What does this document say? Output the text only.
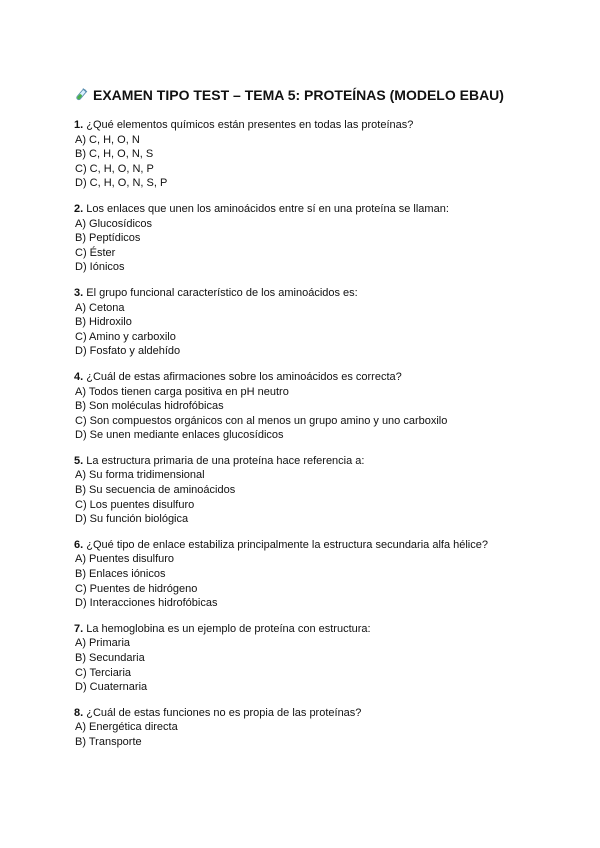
EXAMEN TIPO TEST – TEMA 5: PROTEÍNAS (MODELO EBAU)
1. ¿Qué elementos químicos están presentes en todas las proteínas?
A) C, H, O, N
B) C, H, O, N, S
C) C, H, O, N, P
D) C, H, O, N, S, P
2. Los enlaces que unen los aminoácidos entre sí en una proteína se llaman:
A) Glucosídicos
B) Peptídicos
C) Éster
D) Iónicos
3. El grupo funcional característico de los aminoácidos es:
A) Cetona
B) Hidroxilo
C) Amino y carboxilo
D) Fosfato y aldehído
4. ¿Cuál de estas afirmaciones sobre los aminoácidos es correcta?
A) Todos tienen carga positiva en pH neutro
B) Son moléculas hidrofóbicas
C) Son compuestos orgánicos con al menos un grupo amino y uno carboxilo
D) Se unen mediante enlaces glucosídicos
5. La estructura primaria de una proteína hace referencia a:
A) Su forma tridimensional
B) Su secuencia de aminoácidos
C) Los puentes disulfuro
D) Su función biológica
6. ¿Qué tipo de enlace estabiliza principalmente la estructura secundaria alfa hélice?
A) Puentes disulfuro
B) Enlaces iónicos
C) Puentes de hidrógeno
D) Interacciones hidrofóbicas
7. La hemoglobina es un ejemplo de proteína con estructura:
A) Primaria
B) Secundaria
C) Terciaria
D) Cuaternaria
8. ¿Cuál de estas funciones no es propia de las proteínas?
A) Energética directa
B) Transporte
